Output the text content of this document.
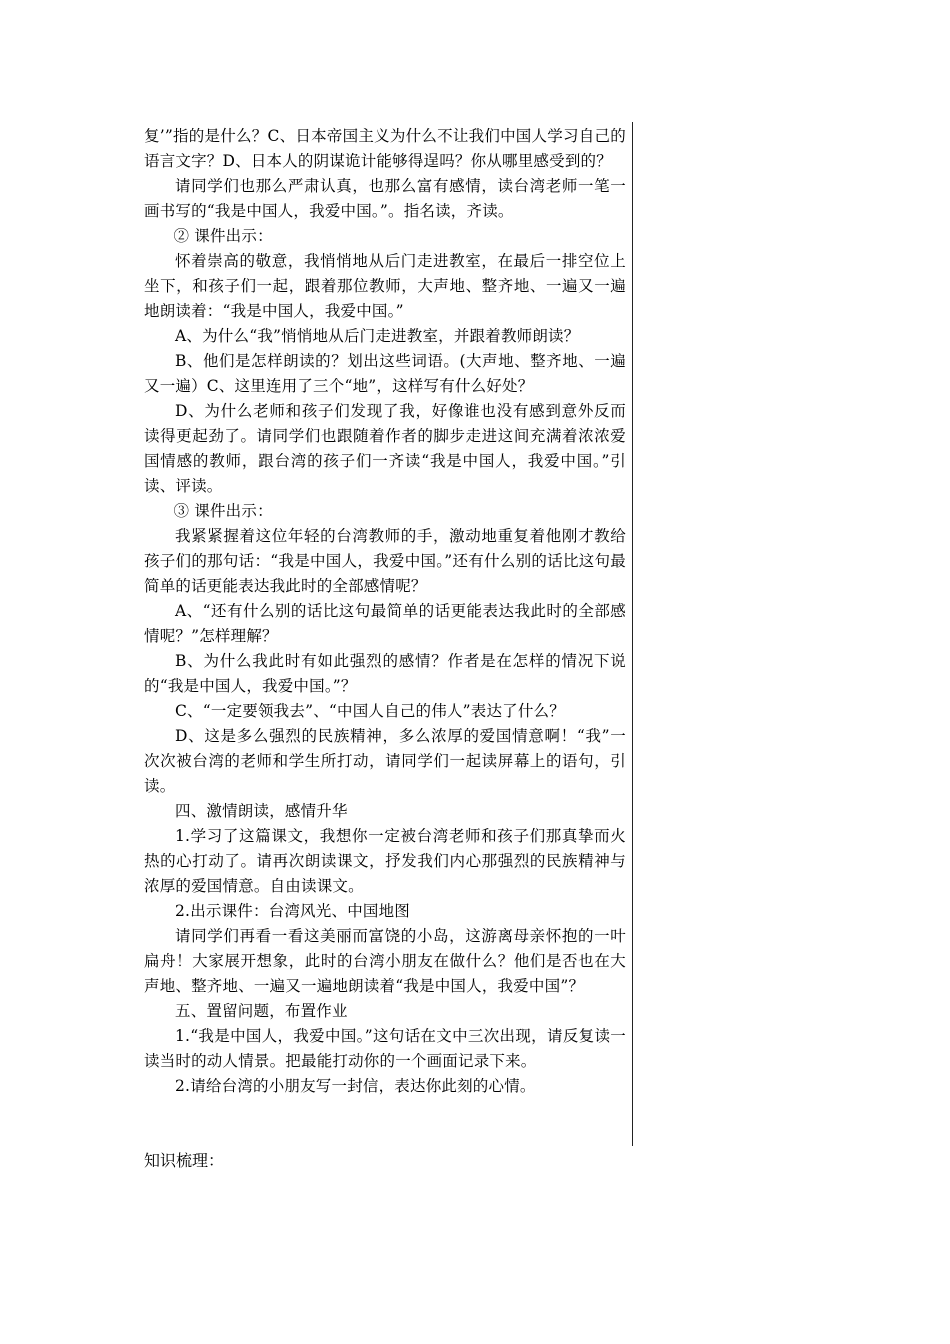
复’”指的是什么？C、日本帝国主义为什么不让我们中国人学习自己的语言文字？D、日本人的阴谋诡计能够得逞吗？你从哪里感受到的？

请同学们也那么严肃认真，也那么富有感情，读台湾老师一笔一画书写的“我是中国人，我爱中国。”。指名读，齐读。

② 课件出示：

怀着崇高的敬意，我悄悄地从后门走进教室，在最后一排空位上坐下，和孩子们一起，跟着那位教师，大声地、整齐地、一遍又一遍地朗读着：“我是中国人，我爱中国。”

A、为什么“我”悄悄地从后门走进教室，并跟着教师朗读？

B、他们是怎样朗读的？划出这些词语。(大声地、整齐地、一遍又一遍）C、这里连用了三个“地”，这样写有什么好处？

D、为什么老师和孩子们发现了我，好像谁也没有感到意外反而读得更起劲了。请同学们也跟随着作者的脚步走进这间充满着浓浓爱国情感的教师，跟台湾的孩子们一齐读“我是中国人，我爱中国。”引读、评读。

③ 课件出示：

我紧紧握着这位年轻的台湾教师的手，激动地重复着他刚才教给孩子们的那句话：“我是中国人，我爱中国。”还有什么别的话比这句最简单的话更能表达我此时的全部感情呢？

A、“还有什么别的话比这句最简单的话更能表达我此时的全部感情呢？”怎样理解？

B、为什么我此时有如此强烈的感情？作者是在怎样的情况下说的“我是中国人，我爱中国。”？

C、“一定要领我去”、“中国人自己的伟人”表达了什么？

D、这是多么强烈的民族精神，多么浓厚的爱国情意啊！“我”一次次被台湾的老师和学生所打动，请同学们一起读屏幕上的语句，引读。

四、激情朗读，感情升华

1.学习了这篇课文，我想你一定被台湾老师和孩子们那真挚而火热的心打动了。请再次朗读课文，抒发我们内心那强烈的民族精神与浓厚的爱国情意。自由读课文。

2.出示课件：台湾风光、中国地图

请同学们再看一看这美丽而富饶的小岛，这游离母亲怀抱的一叶扁舟！大家展开想象，此时的台湾小朋友在做什么？他们是否也在大声地、整齐地、一遍又一遍地朗读着“我是中国人，我爱中国”？

五、置留问题，布置作业

1.“我是中国人，我爱中国。”这句话在文中三次出现，请反复读一读当时的动人情景。把最能打动你的一个画面记录下来。

2.请给台湾的小朋友写一封信，表达你此刻的心情。

知识梳理：
